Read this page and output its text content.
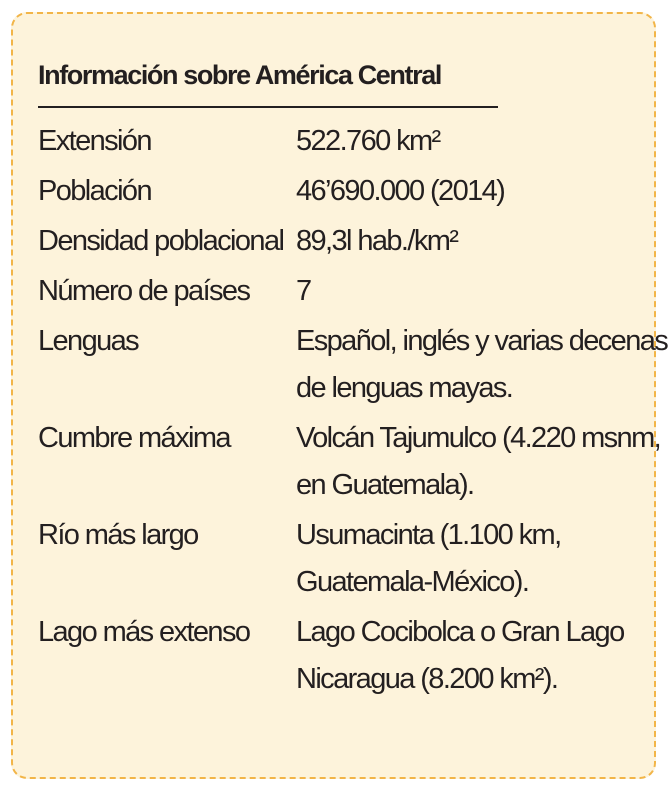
Información sobre América Central
Extensión	522.760 km²
Población	46’690.000 (2014)
Densidad poblacional 89,3l hab./km²
Número de países	7
Lenguas	Español, inglés y varias decenas
de lenguas mayas.
Cumbre máxima	Volcán Tajumulco (4.220 msnm,
en Guatemala).
Río más largo	Usumacinta (1.100 km,
Guatemala-México).
Lago más extenso	Lago Cocibolca o Gran Lago
Nicaragua (8.200 km²).
